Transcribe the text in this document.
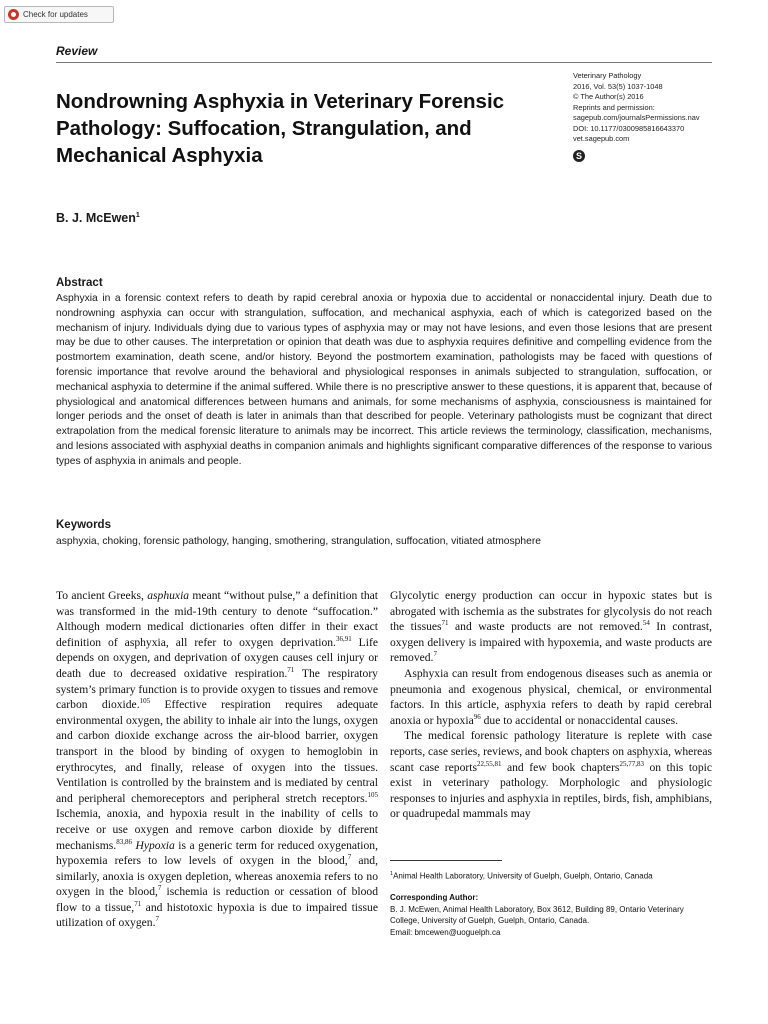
Check for updates
Review
Nondrowning Asphyxia in Veterinary Forensic Pathology: Suffocation, Strangulation, and Mechanical Asphyxia
Veterinary Pathology
2016, Vol. 53(5) 1037-1048
© The Author(s) 2016
Reprints and permission:
sagepub.com/journalsPermissions.nav
DOI: 10.1177/0300985816643370
vet.sagepub.com
S
B. J. McEwen$^1$
Abstract
Asphyxia in a forensic context refers to death by rapid cerebral anoxia or hypoxia due to accidental or nonaccidental injury. Death due to nondrowning asphyxia can occur with strangulation, suffocation, and mechanical asphyxia, each of which is categorized based on the mechanism of injury. Individuals dying due to various types of asphyxia may or may not have lesions, and even those lesions that are present may be due to other causes. The interpretation or opinion that death was due to asphyxia requires definitive and compelling evidence from the postmortem examination, death scene, and/or history. Beyond the postmortem examination, pathologists may be faced with questions of forensic importance that revolve around the behavioral and physiological responses in animals subjected to strangulation, suffocation, or mechanical asphyxia to determine if the animal suffered. While there is no prescriptive answer to these questions, it is apparent that, because of physiological and anatomical differences between humans and animals, for some mechanisms of asphyxia, consciousness is maintained for longer periods and the onset of death is later in animals than that described for people. Veterinary pathologists must be cognizant that direct extrapolation from the medical forensic literature to animals may be incorrect. This article reviews the terminology, classification, mechanisms, and lesions associated with asphyxial deaths in companion animals and highlights significant comparative differences of the response to various types of asphyxia in animals and people.
Keywords
asphyxia, choking, forensic pathology, hanging, smothering, strangulation, suffocation, vitiated atmosphere

To ancient Greeks, asphuxia meant “without pulse,” a definition that was transformed in the mid-19th century to denote “suffocation.” Although modern medical dictionaries often differ in their exact definition of asphyxia, all refer to oxygen deprivation.$^{36,91}$ Life depends on oxygen, and deprivation of oxygen causes cell injury or death due to decreased oxidative respiration.$^{71}$ The respiratory system’s primary function is to provide oxygen to tissues and remove carbon dioxide.$^{105}$ Effective respiration requires adequate environmental oxygen, the ability to inhale air into the lungs, oxygen and carbon dioxide exchange across the air-blood barrier, oxygen transport in the blood by binding of oxygen to hemoglobin in erythrocytes, and finally, release of oxygen into the tissues. Ventilation is controlled by the brainstem and is mediated by central and peripheral chemoreceptors and peripheral stretch receptors.$^{105}$ Ischemia, anoxia, and hypoxia result in the inability of cells to receive or use oxygen and remove carbon dioxide by different mechanisms.$^{83,86}$ Hypoxia is a generic term for reduced oxygenation, hypoxemia refers to low levels of oxygen in the blood,$^7$ and, similarly, anoxia is oxygen depletion, whereas anoxemia refers to no oxygen in the blood,$^7$ ischemia is reduction or cessation of blood flow to a tissue,$^{71}$ and histotoxic hypoxia is due to impaired tissue utilization of oxygen.$^7$

Glycolytic energy production can occur in hypoxic states but is abrogated with ischemia as the substrates for glycolysis do not reach the tissues$^{71}$ and waste products are not removed.$^{54}$ In contrast, oxygen delivery is impaired with hypoxemia, and waste products are removed.$^7$

Asphyxia can result from endogenous diseases such as anemia or pneumonia and exogenous physical, chemical, or environmental factors. In this article, asphyxia refers to death by rapid cerebral anoxia or hypoxia$^{96}$ due to accidental or nonaccidental causes.

The medical forensic pathology literature is replete with case reports, case series, reviews, and book chapters on asphyxia, whereas scant case reports$^{22,55,81}$ and few book chapters$^{25,77,83}$ on this topic exist in veterinary pathology. Morphologic and physiologic responses to injuries and asphyxia in reptiles, birds, fish, amphibians, or quadrupedal mammals may

$^1$Animal Health Laboratory, University of Guelph, Guelph, Ontario, Canada
Corresponding Author:
B. J. McEwen, Animal Health Laboratory, Box 3612, Building 89, Ontario Veterinary College, University of Guelph, Guelph, Ontario, Canada.
Email: bmcewen@uoguelph.ca
